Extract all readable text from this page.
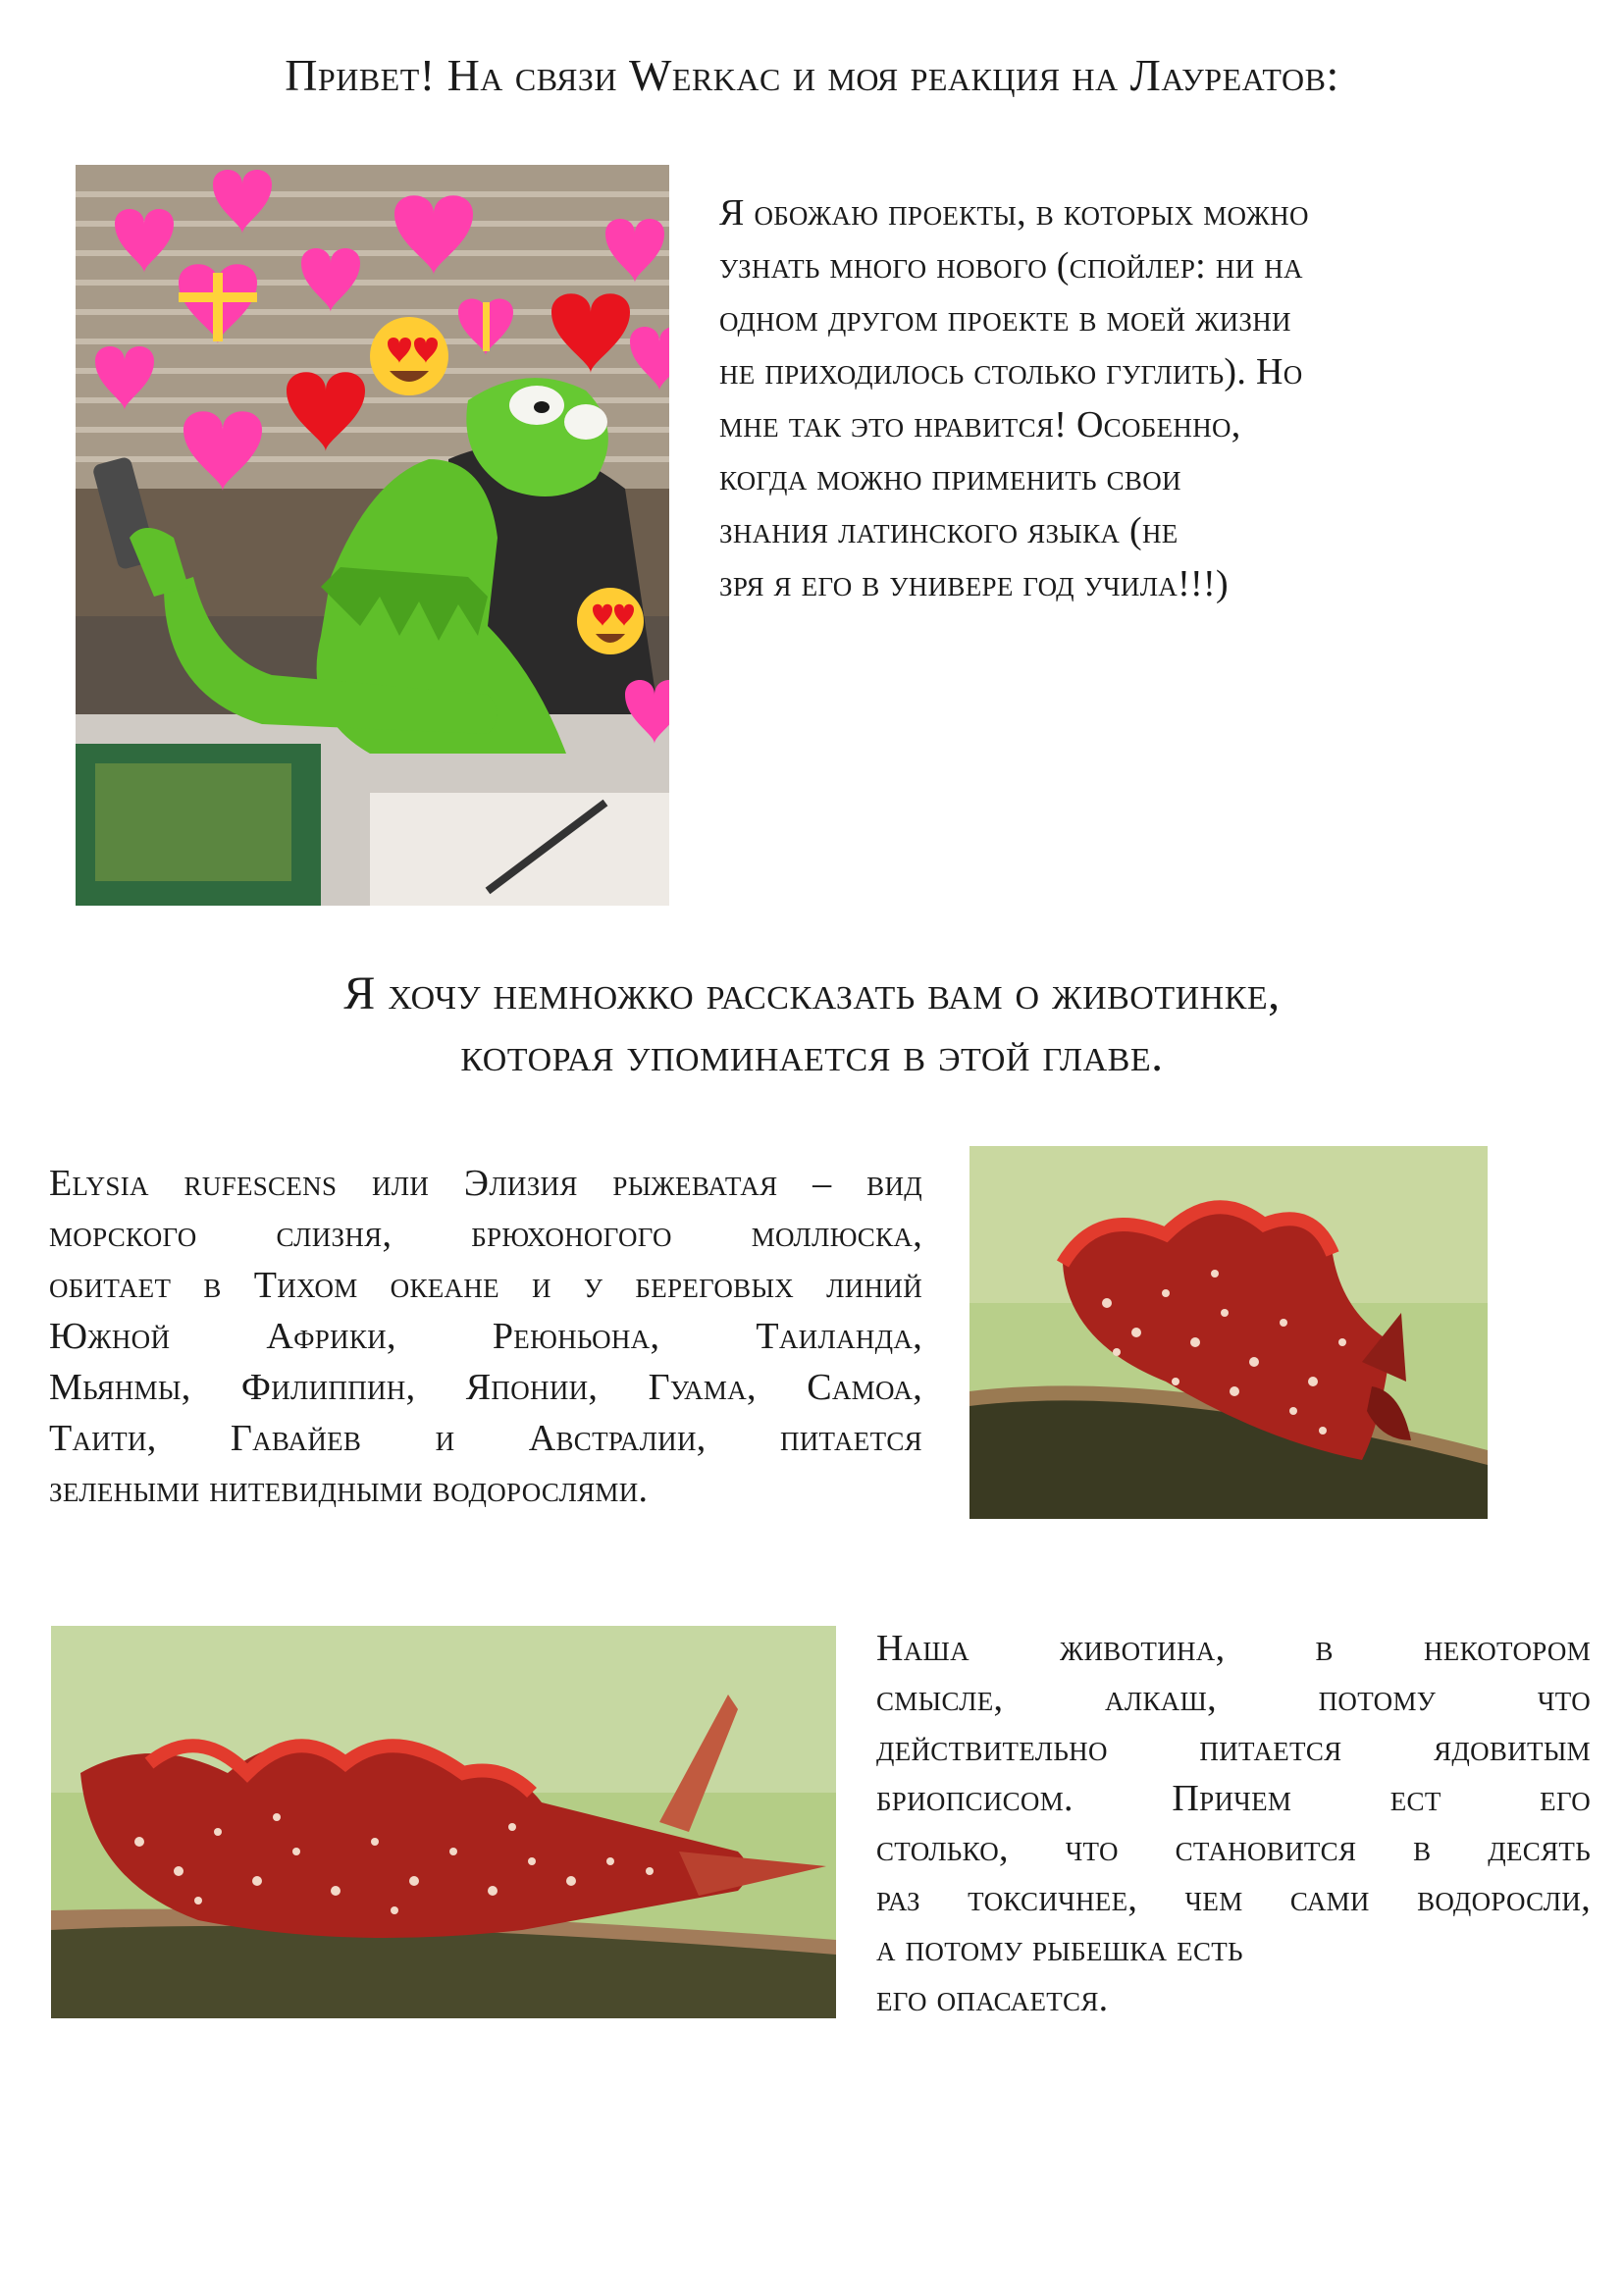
Привет! На связи Werkac и моя реакция на Лауреатов:
Я обожаю проекты, в которых можно
узнать много нового (спойлер: ни на
одном другом проекте в моей жизни
не приходилось столько гуглить). Но
мне так это нравится! Особенно,
когда можно применить свои
знания латинского языка (не
зря я его в универе год учила!!!)
Я хочу немножко рассказать вам о животинке,
которая упоминается в этой главе.
Elysia rufescens или Элизия рыжеватая – вид
морского слизня, брюхоногого моллюска,
обитает в Тихом океане и у береговых линий
Южной Африки, Реюньона, Таиланда,
Мьянмы, Филиппин, Японии, Гуама, Самоа,
Таити, Гавайев и Австралии, питается
зелеными нитевидными водорослями.
Наша животина, в некотором
смысле, алкаш, потому что
действительно питается ядовитым
бриопсисом. Причем ест его
столько, что становится в десять
раз токсичнее, чем сами водоросли,
а потому рыбешка есть
его опасается.
